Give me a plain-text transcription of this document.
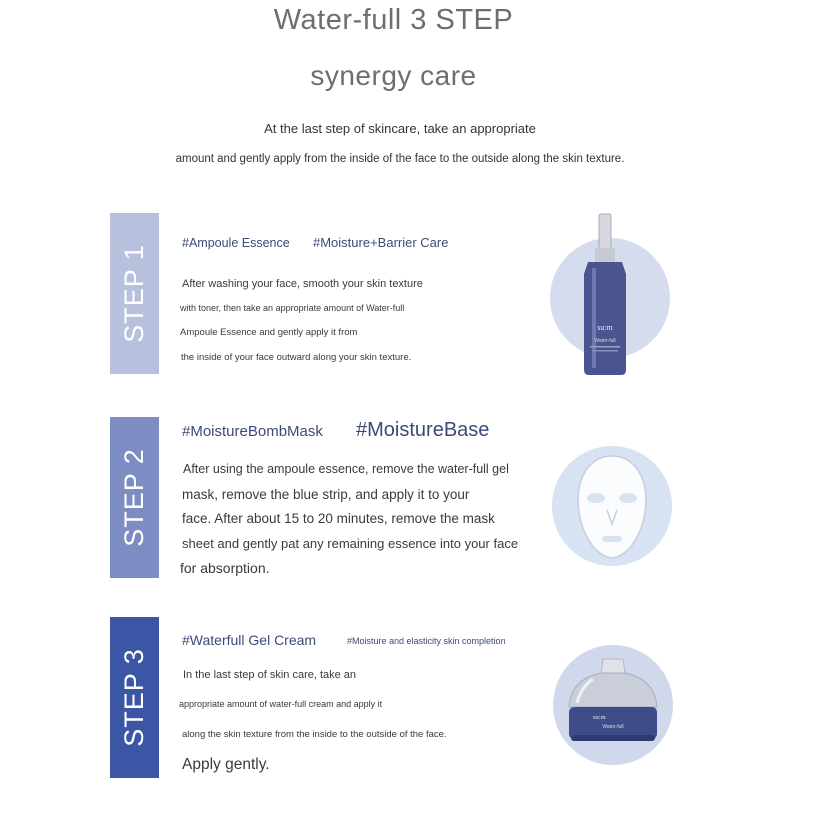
Water-full 3 STEP
synergy care
At the last step of skincare, take an appropriate
amount and gently apply from the inside of the face to the outside along the skin texture.
STEP 1
#Ampoule Essence #Moisture+Barrier Care
After washing your face, smooth your skin texture
with toner, then take an appropriate amount of Water-full
Ampoule Essence and gently apply it from
the inside of your face outward along your skin texture.
su:m
Water-full
STEP 2
#MoistureBombMask #MoistureBase
After using the ampoule essence, remove the water-full gel
mask, remove the blue strip, and apply it to your
face. After about 15 to 20 minutes, remove the mask
sheet and gently pat any remaining essence into your face
for absorption.
STEP 3
#Waterfull Gel Cream	#Moisture and elasticity skin completion
In the last step of skin care, take an
appropriate amount of water-full cream and apply it
along the skin texture from the inside to the outside of the face.
Apply gently.
su:m
Water-full
